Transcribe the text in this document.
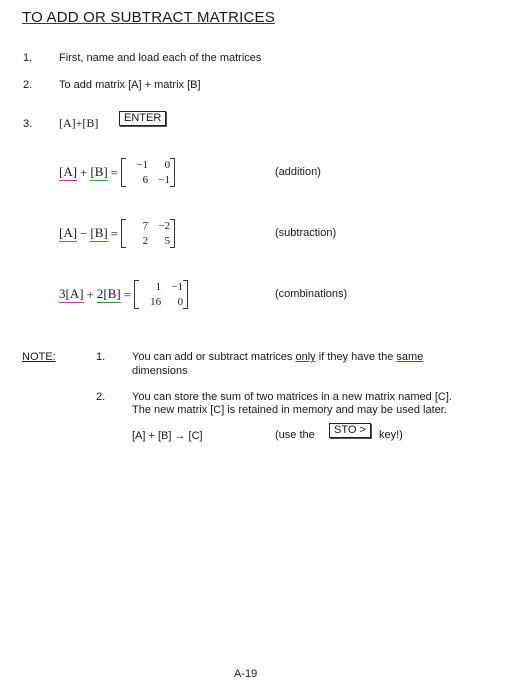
TO ADD OR SUBTRACT MATRICES
1. First, name and load each of the matrices
2. To add matrix [A] + matrix [B]
3. [A]+[B]	ENTER
[A] + [B] =	−1	0
6 −1
(addition)
[A] − [B] =	7 −2
2	5
(subtraction)
3[A] + 2[B] =	1 −1
16	0
(combinations)
NOTE:	1. You can add or subtract matrices only if they have the same
dimensions
2. You can store the sum of two matrices in a new matrix named [C].
The new matrix [C] is retained in memory and may be used later.
[A] + [B] → [C]	(use the	STO >	key!)
A-19
